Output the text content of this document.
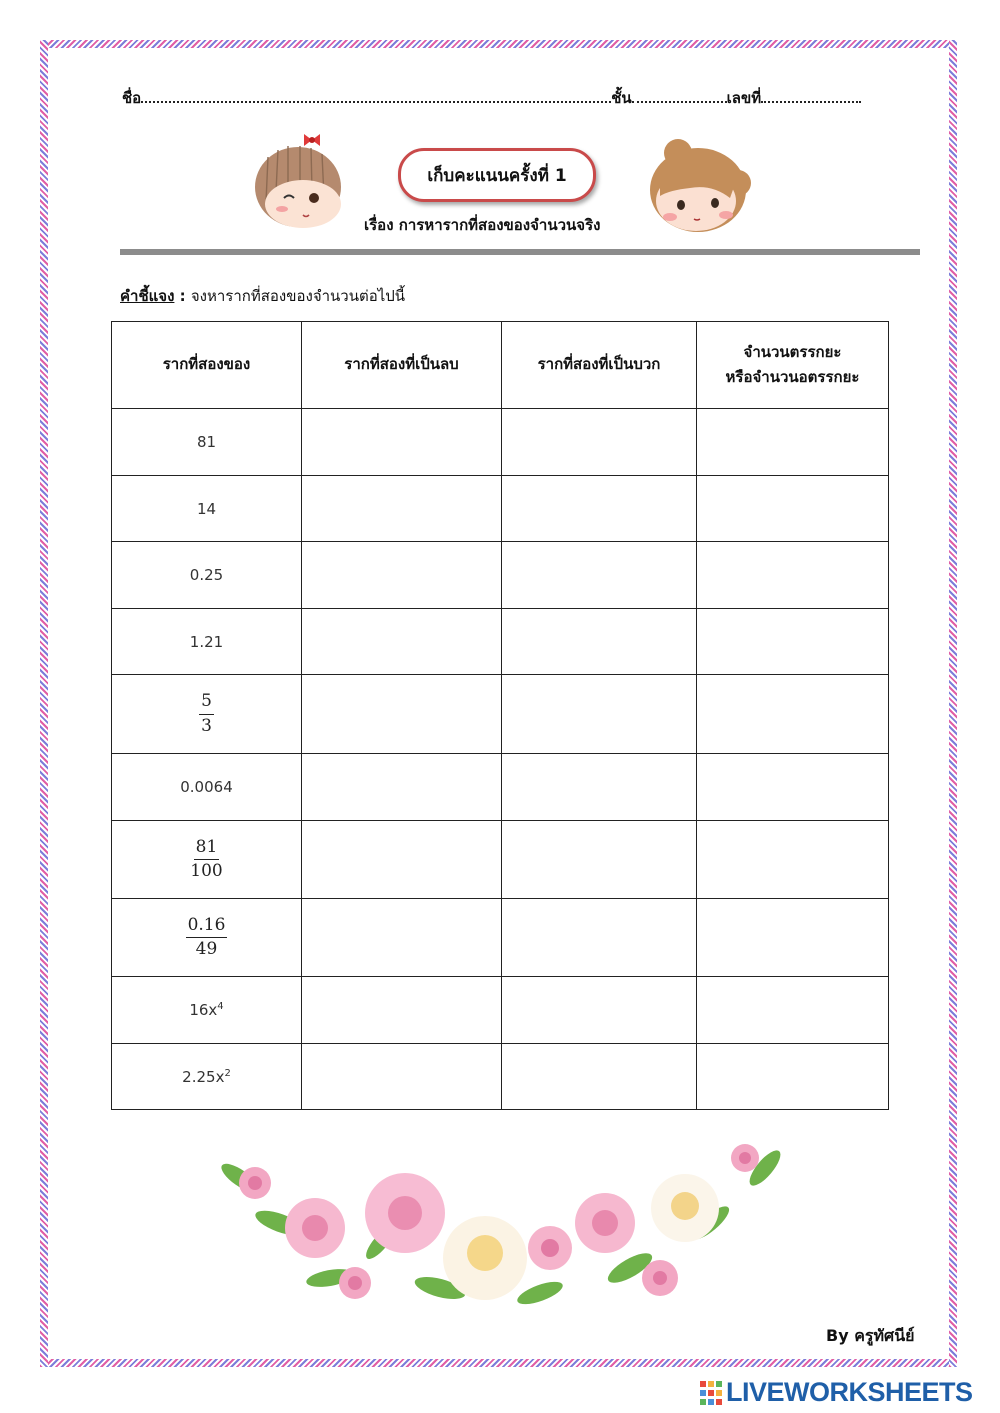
ชื่อ	ชั้น	เลขที่
เก็บคะแนนครั้งที่ 1
เรื่อง การหารากที่สองของจำนวนจริง
คำชี้แจง : จงหารากที่สองของจำนวนต่อไปนี้
รากที่สองของ	รากที่สองที่เป็นลบ	รากที่สองที่เป็นบวก	จำนวนตรรกยะ
หรือจำนวนอตรรกยะ

81			
14			
0.25			
1.21			

$\frac{5}{3}$

0.0064			

$\frac{81}{100}$

$\frac{0.16}{49}$

$16x^4$			
$2.25x^2$			
By ครูทัศนีย์
LIVEWORKSHEETS
